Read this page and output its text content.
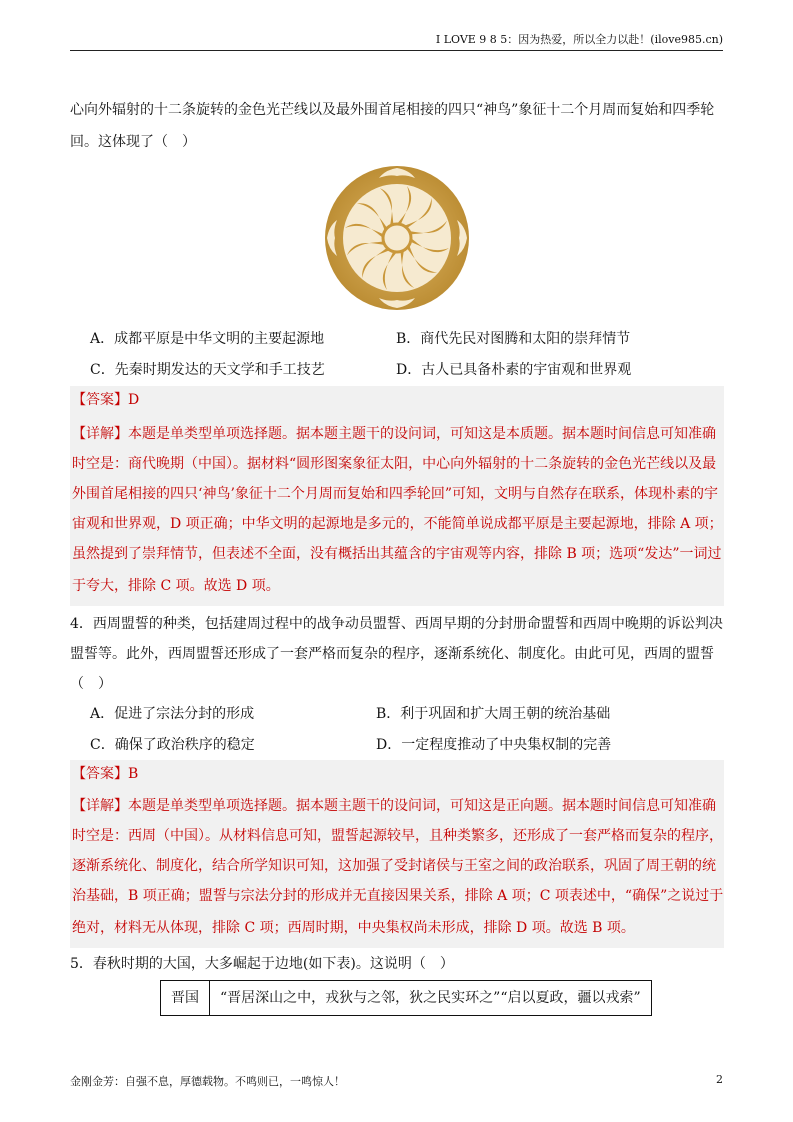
I LOVE 9 8 5：因为热爱，所以全力以赴！(ilove985.cn)
心向外辐射的十二条旋转的金色光芒线以及最外围首尾相接的四只“神鸟”象征十二个月周而复始和四季轮
回。这体现了（　）
A．成都平原是中华文明的主要起源地	B．商代先民对图腾和太阳的崇拜情节
C．先秦时期发达的天文学和手工技艺	D．古人已具备朴素的宇宙观和世界观
【答案】D
【详解】本题是单类型单项选择题。据本题主题干的设问词，可知这是本质题。据本题时间信息可知准确
时空是：商代晚期（中国）。据材料“圆形图案象征太阳，中心向外辐射的十二条旋转的金色光芒线以及最
外围首尾相接的四只‘神鸟’象征十二个月周而复始和四季轮回”可知，文明与自然存在联系，体现朴素的宇
宙观和世界观，D 项正确；中华文明的起源地是多元的，不能简单说成都平原是主要起源地，排除 A 项；
虽然提到了崇拜情节，但表述不全面，没有概括出其蕴含的宇宙观等内容，排除 B 项；选项“发达”一词过
于夸大，排除 C 项。故选 D 项。
4．西周盟誓的种类，包括建周过程中的战争动员盟誓、西周早期的分封册命盟誓和西周中晚期的诉讼判决
盟誓等。此外，西周盟誓还形成了一套严格而复杂的程序，逐渐系统化、制度化。由此可见，西周的盟誓
（　）
A．促进了宗法分封的形成	B．利于巩固和扩大周王朝的统治基础
C．确保了政治秩序的稳定	D．一定程度推动了中央集权制的完善
【答案】B
【详解】本题是单类型单项选择题。据本题主题干的设问词，可知这是正向题。据本题时间信息可知准确
时空是：西周（中国）。从材料信息可知，盟誓起源较早，且种类繁多，还形成了一套严格而复杂的程序，
逐渐系统化、制度化，结合所学知识可知，这加强了受封诸侯与王室之间的政治联系，巩固了周王朝的统
治基础，B 项正确；盟誓与宗法分封的形成并无直接因果关系，排除 A 项；C 项表述中，“确保”之说过于
绝对，材料无从体现，排除 C 项；西周时期，中央集权尚未形成，排除 D 项。故选 B 项。
5．春秋时期的大国，大多崛起于边地(如下表)。这说明（　）
晋国	“晋居深山之中，戎狄与之邻，狄之民实环之”“启以夏政，疆以戎索”
金刚金芳：自强不息，厚德载物。不鸣则已，一鸣惊人！	2
